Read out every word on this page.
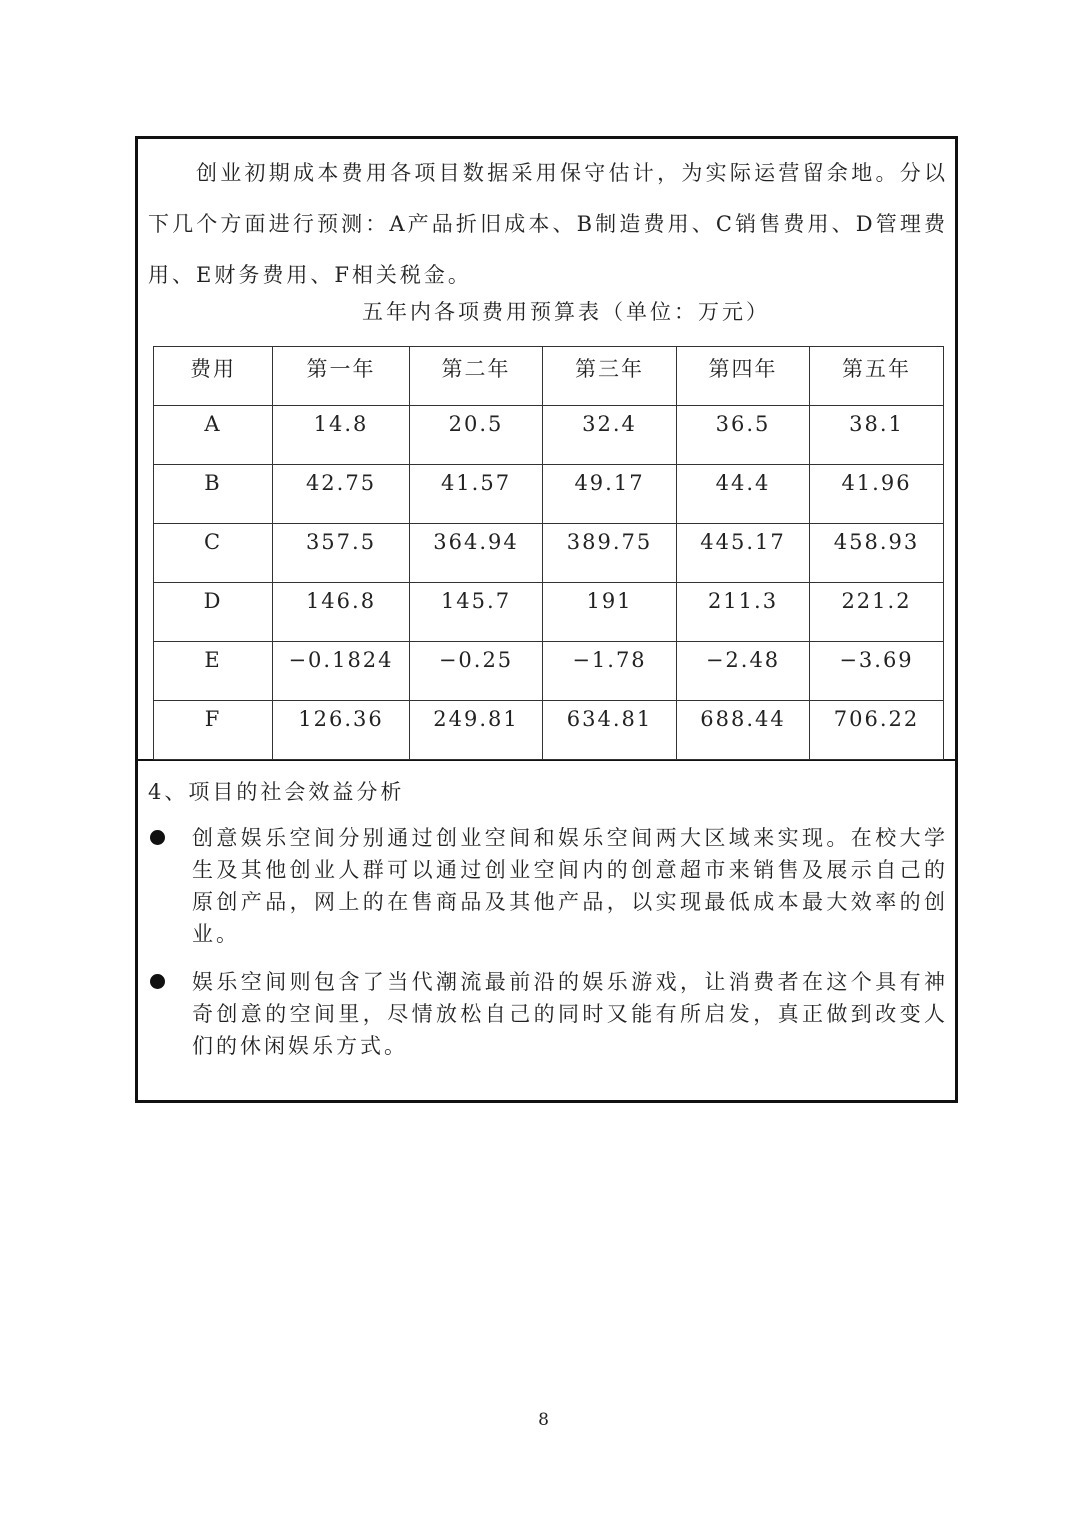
创业初期成本费用各项目数据采用保守估计，为实际运营留余地。分以下几个方面进行预测：A产品折旧成本、B制造费用、C销售费用、D管理费用、E财务费用、F相关税金。

五年内各项费用预算表（单位：万元）
费用	第一年	第二年	第三年	第四年	第五年
A	14.8	20.5	32.4	36.5	38.1
B	42.75	41.57	49.17	44.4	41.96
C	357.5	364.94	389.75	445.17	458.93
D	146.8	145.7	191	211.3	221.2
E	−0.1824	−0.25	−1.78	−2.48	−3.69
F	126.36	249.81	634.81	688.44	706.22
4、项目的社会效益分析
创意娱乐空间分别通过创业空间和娱乐空间两大区域来实现。在校大学生及其他创业人群可以通过创业空间内的创意超市来销售及展示自己的原创产品，网上的在售商品及其他产品，以实现最低成本最大效率的创业。
娱乐空间则包含了当代潮流最前沿的娱乐游戏，让消费者在这个具有神奇创意的空间里，尽情放松自己的同时又能有所启发，真正做到改变人们的休闲娱乐方式。
8
